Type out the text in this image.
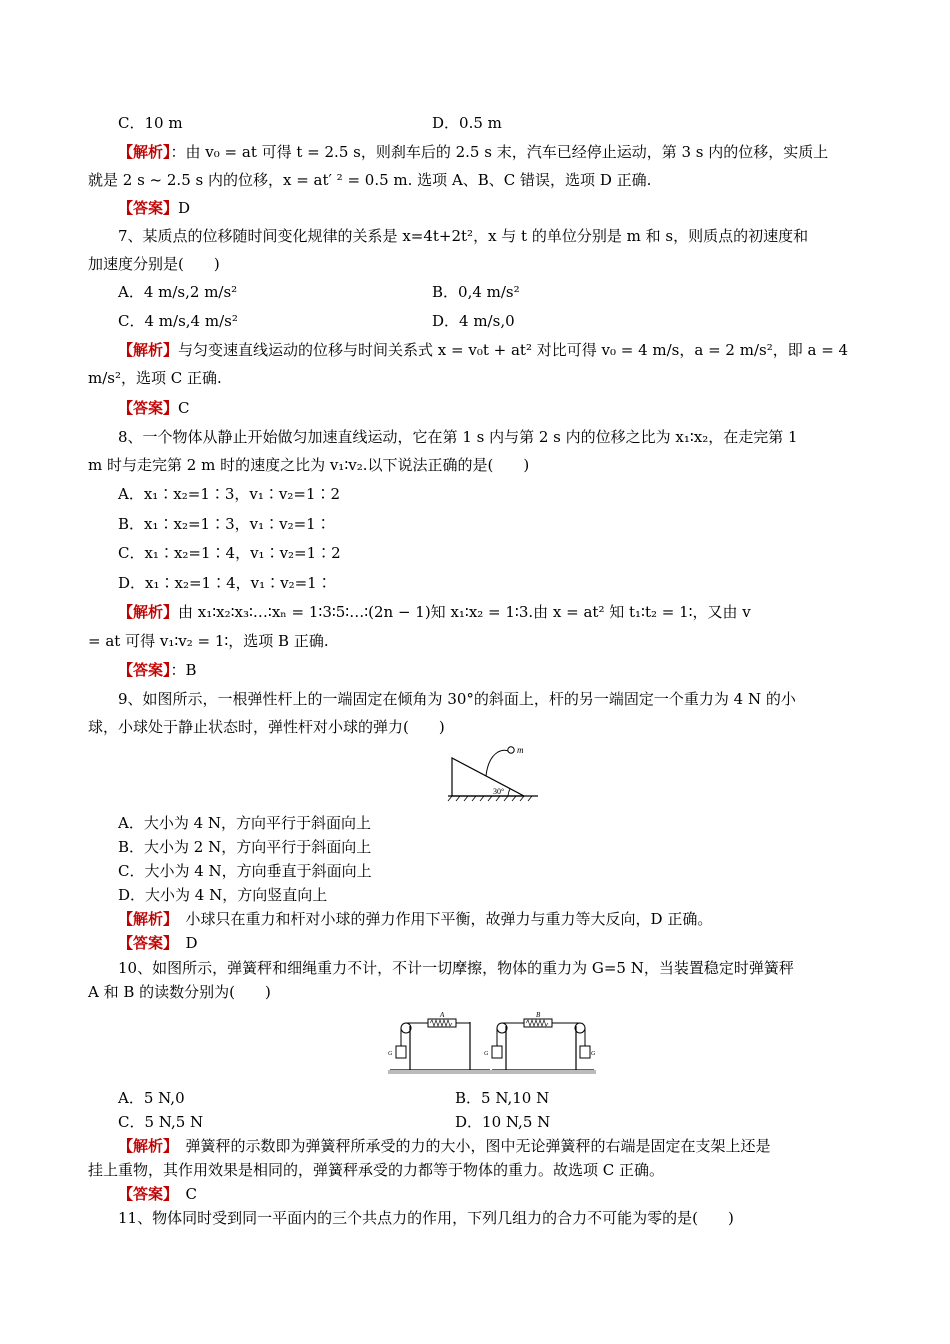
C．10 m	D．0.5 m
【解析】：由 v₀ = at 可得 t = 2.5 s，则刹车后的 2.5 s 末，汽车已经停止运动，第 3 s 内的位移，实质上
就是 2 s ~ 2.5 s 内的位移，x = at′ ² = 0.5 m. 选项 A、B、C 错误，选项 D 正确.
【答案】D
7、某质点的位移随时间变化规律的关系是 x=4t+2t²，x 与 t 的单位分别是 m 和 s，则质点的初速度和
加速度分别是(　　)
A．4 m/s,2 m/s²	B．0,4 m/s²
C．4 m/s,4 m/s²	D．4 m/s,0
【解析】与匀变速直线运动的位移与时间关系式 x = v₀t + at² 对比可得 v₀ = 4 m/s，a = 2 m/s²，即 a = 4
m/s²，选项 C 正确.
【答案】C
8、一个物体从静止开始做匀加速直线运动，它在第 1 s 内与第 2 s 内的位移之比为 x₁∶x₂，在走完第 1
m 时与走完第 2 m 时的速度之比为 v₁∶v₂.以下说法正确的是(　　)
A．x₁∶x₂=1∶3，v₁∶v₂=1∶2
B．x₁∶x₂=1∶3，v₁∶v₂=1∶
C．x₁∶x₂=1∶4，v₁∶v₂=1∶2
D．x₁∶x₂=1∶4，v₁∶v₂=1∶
【解析】由 x₁∶x₂∶x₃∶…∶xₙ = 1∶3∶5∶…∶(2n − 1)知 x₁∶x₂ = 1∶3.由 x = at² 知 t₁∶t₂ = 1∶，又由 v
= at 可得 v₁∶v₂ = 1∶，选项 B 正确.
【答案】：B
9、如图所示，一根弹性杆上的一端固定在倾角为 30°的斜面上，杆的另一端固定一个重力为 4 N 的小
球，小球处于静止状态时，弹性杆对小球的弹力(　　)
m
30°
A．大小为 4 N，方向平行于斜面向上
B．大小为 2 N，方向平行于斜面向上
C．大小为 4 N，方向垂直于斜面向上
D．大小为 4 N，方向竖直向上
【解析】　小球只在重力和杆对小球的弹力作用下平衡，故弹力与重力等大反向，D 正确。
【答案】　D
10、如图所示，弹簧秤和细绳重力不计，不计一切摩擦，物体的重力为 G=5 N，当装置稳定时弹簧秤
A 和 B 的读数分别为(　　)
A
G
B
G	G
A．5 N,0	B．5 N,10 N
C．5 N,5 N	D．10 N,5 N
【解析】　弹簧秤的示数即为弹簧秤所承受的力的大小，图中无论弹簧秤的右端是固定在支架上还是
挂上重物，其作用效果是相同的，弹簧秤承受的力都等于物体的重力。故选项 C 正确。
【答案】　C
11、物体同时受到同一平面内的三个共点力的作用，下列几组力的合力不可能为零的是(　　)
